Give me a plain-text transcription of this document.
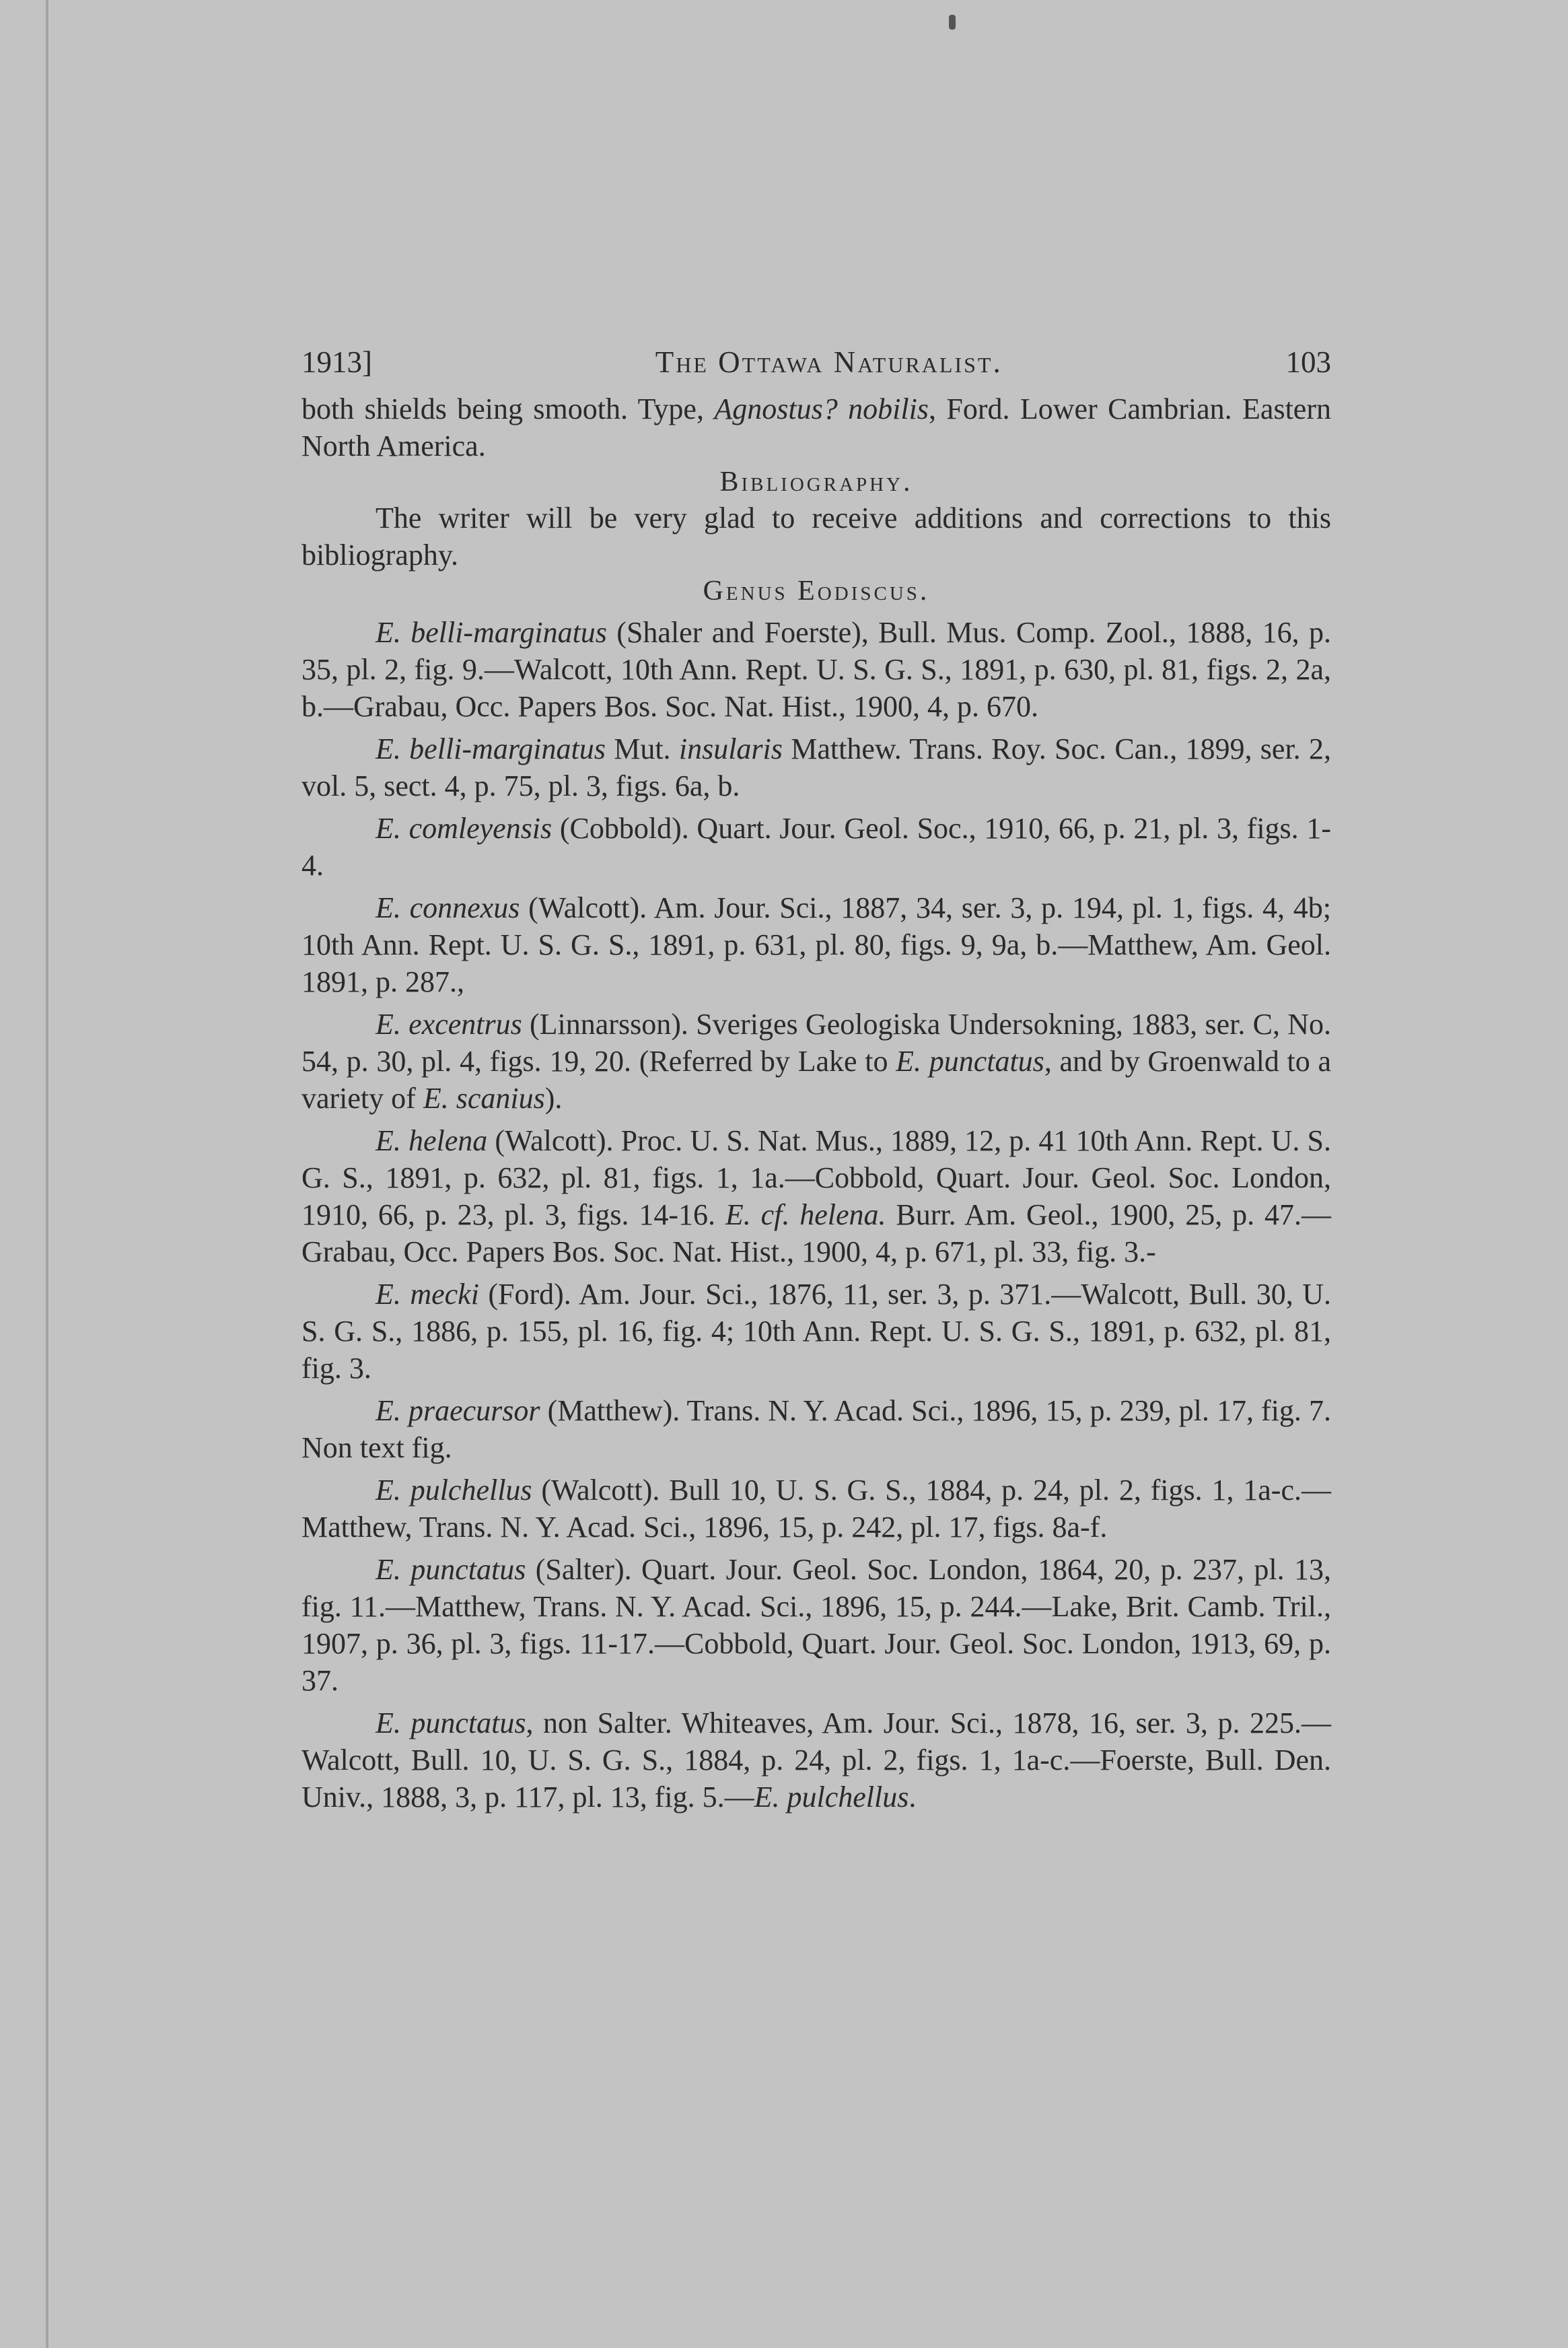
1913]	The Ottawa Naturalist.	103

both shields being smooth. Type, Agnostus? nobilis, Ford. Lower Cambrian. Eastern North America.

Bibliography.

The writer will be very glad to receive additions and corrections to this bibliography.

Genus Eodiscus.

E. belli-marginatus (Shaler and Foerste), Bull. Mus. Comp. Zool., 1888, 16, p. 35, pl. 2, fig. 9.—Walcott, 10th Ann. Rept. U. S. G. S., 1891, p. 630, pl. 81, figs. 2, 2a, b.—Grabau, Occ. Papers Bos. Soc. Nat. Hist., 1900, 4, p. 670.

E. belli-marginatus Mut. insularis Matthew. Trans. Roy. Soc. Can., 1899, ser. 2, vol. 5, sect. 4, p. 75, pl. 3, figs. 6a, b.

E. comleyensis (Cobbold). Quart. Jour. Geol. Soc., 1910, 66, p. 21, pl. 3, figs. 1-4.

E. connexus (Walcott). Am. Jour. Sci., 1887, 34, ser. 3, p. 194, pl. 1, figs. 4, 4b; 10th Ann. Rept. U. S. G. S., 1891, p. 631, pl. 80, figs. 9, 9a, b.—Matthew, Am. Geol. 1891, p. 287.,

E. excentrus (Linnarsson). Sveriges Geologiska Undersokning, 1883, ser. C, No. 54, p. 30, pl. 4, figs. 19, 20. (Referred by Lake to E. punctatus, and by Groenwald to a variety of E. scanius).

E. helena (Walcott). Proc. U. S. Nat. Mus., 1889, 12, p. 41 10th Ann. Rept. U. S. G. S., 1891, p. 632, pl. 81, figs. 1, 1a.—Cobbold, Quart. Jour. Geol. Soc. London, 1910, 66, p. 23, pl. 3, figs. 14-16. E. cf. helena. Burr. Am. Geol., 1900, 25, p. 47.—Grabau, Occ. Papers Bos. Soc. Nat. Hist., 1900, 4, p. 671, pl. 33, fig. 3.-

E. mecki (Ford). Am. Jour. Sci., 1876, 11, ser. 3, p. 371.—Walcott, Bull. 30, U. S. G. S., 1886, p. 155, pl. 16, fig. 4; 10th Ann. Rept. U. S. G. S., 1891, p. 632, pl. 81, fig. 3.

E. praecursor (Matthew). Trans. N. Y. Acad. Sci., 1896, 15, p. 239, pl. 17, fig. 7. Non text fig.

E. pulchellus (Walcott). Bull 10, U. S. G. S., 1884, p. 24, pl. 2, figs. 1, 1a-c.—Matthew, Trans. N. Y. Acad. Sci., 1896, 15, p. 242, pl. 17, figs. 8a-f.

E. punctatus (Salter). Quart. Jour. Geol. Soc. London, 1864, 20, p. 237, pl. 13, fig. 11.—Matthew, Trans. N. Y. Acad. Sci., 1896, 15, p. 244.—Lake, Brit. Camb. Tril., 1907, p. 36, pl. 3, figs. 11-17.—Cobbold, Quart. Jour. Geol. Soc. London, 1913, 69, p. 37.

E. punctatus, non Salter. Whiteaves, Am. Jour. Sci., 1878, 16, ser. 3, p. 225.—Walcott, Bull. 10, U. S. G. S., 1884, p. 24, pl. 2, figs. 1, 1a-c.—Foerste, Bull. Den. Univ., 1888, 3, p. 117, pl. 13, fig. 5.—E. pulchellus.
